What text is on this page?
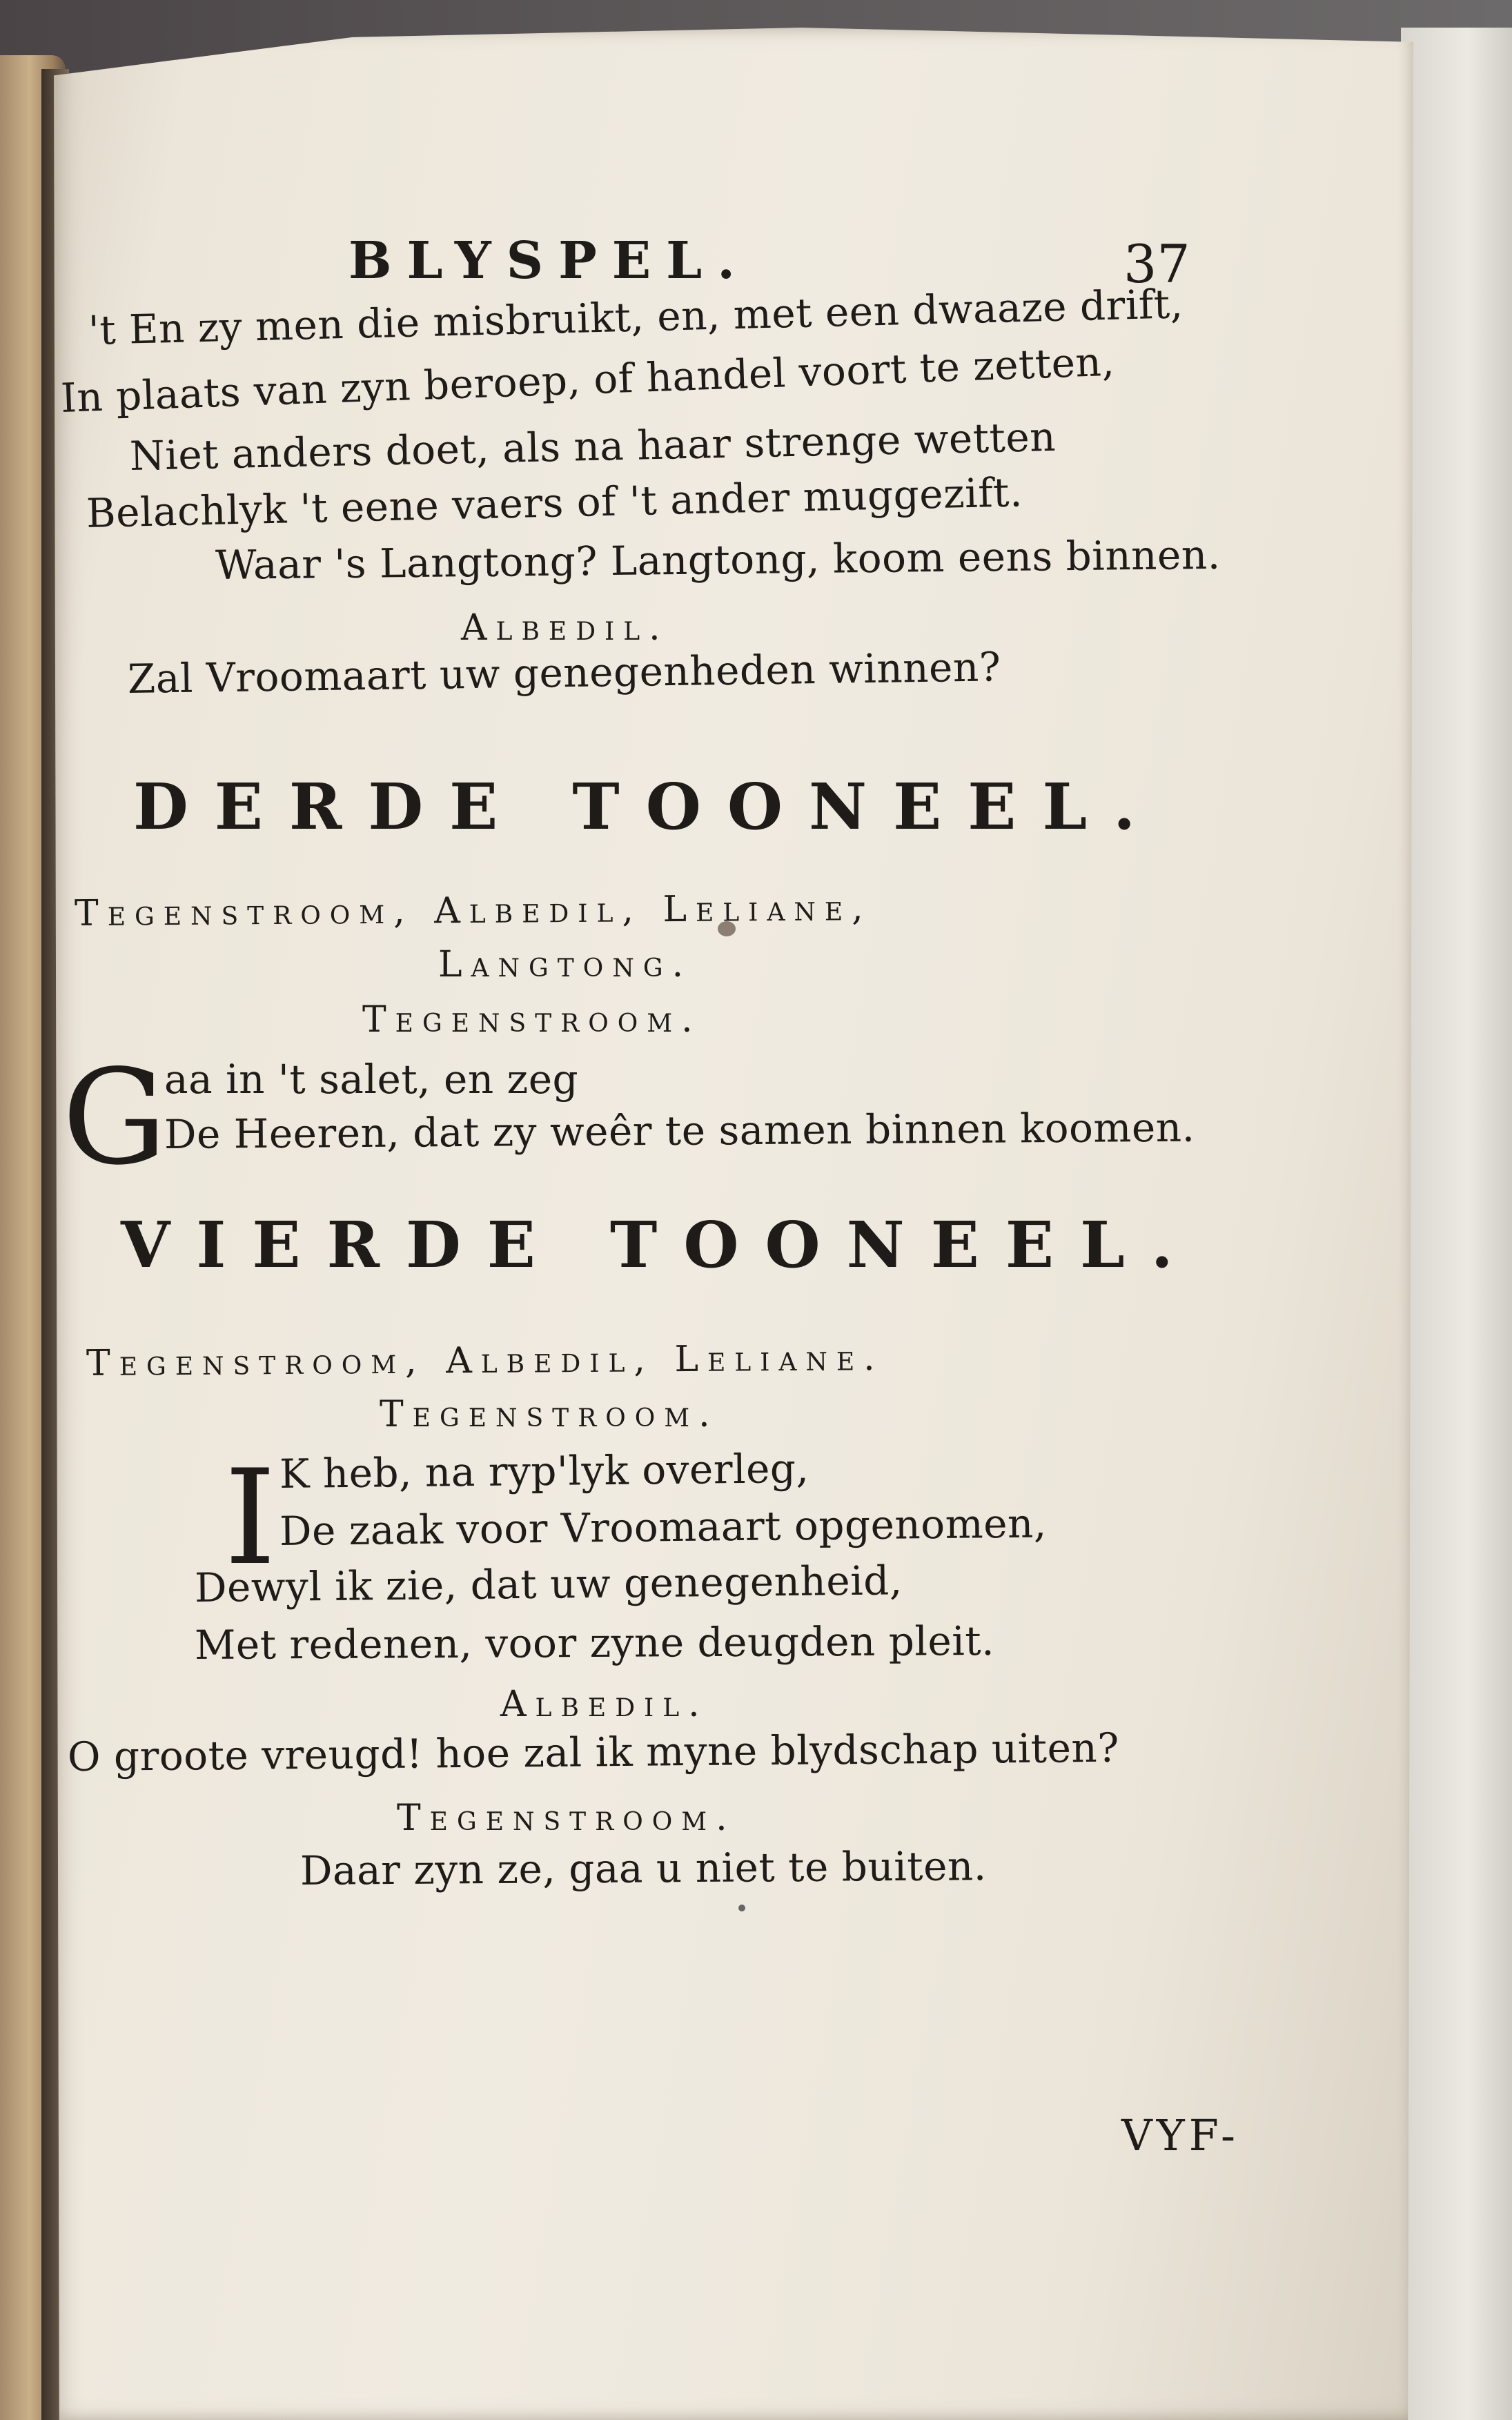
BLYSPEL.	37
't En zy men die misbruikt, en, met een dwaaze drift,
In plaats van zyn beroep, of handel voort te zetten,
Niet anders doet, als na haar strenge wetten
Belachlyk 't eene vaers of 't ander muggezift.
Waar 's Langtong? Langtong, koom eens binnen.
Albedil.
Zal Vroomaart uw genegenheden winnen?
DERDE TOONEEL.
Tegenstroom, Albedil, Leliane,
Langtong.
Tegenstroom.
G
aa in 't salet, en zeg
De Heeren, dat zy weêr te samen binnen koomen.
VIERDE TOONEEL.
Tegenstroom, Albedil, Leliane.
Tegenstroom.
I K heb, na ryp'lyk overleg,
De zaak voor Vroomaart opgenomen,
Dewyl ik zie, dat uw genegenheid,
Met redenen, voor zyne deugden pleit.
Albedil.
O groote vreugd! hoe zal ik myne blydschap uiten?
Tegenstroom.
Daar zyn ze, gaa u niet te buiten.
VYF-
